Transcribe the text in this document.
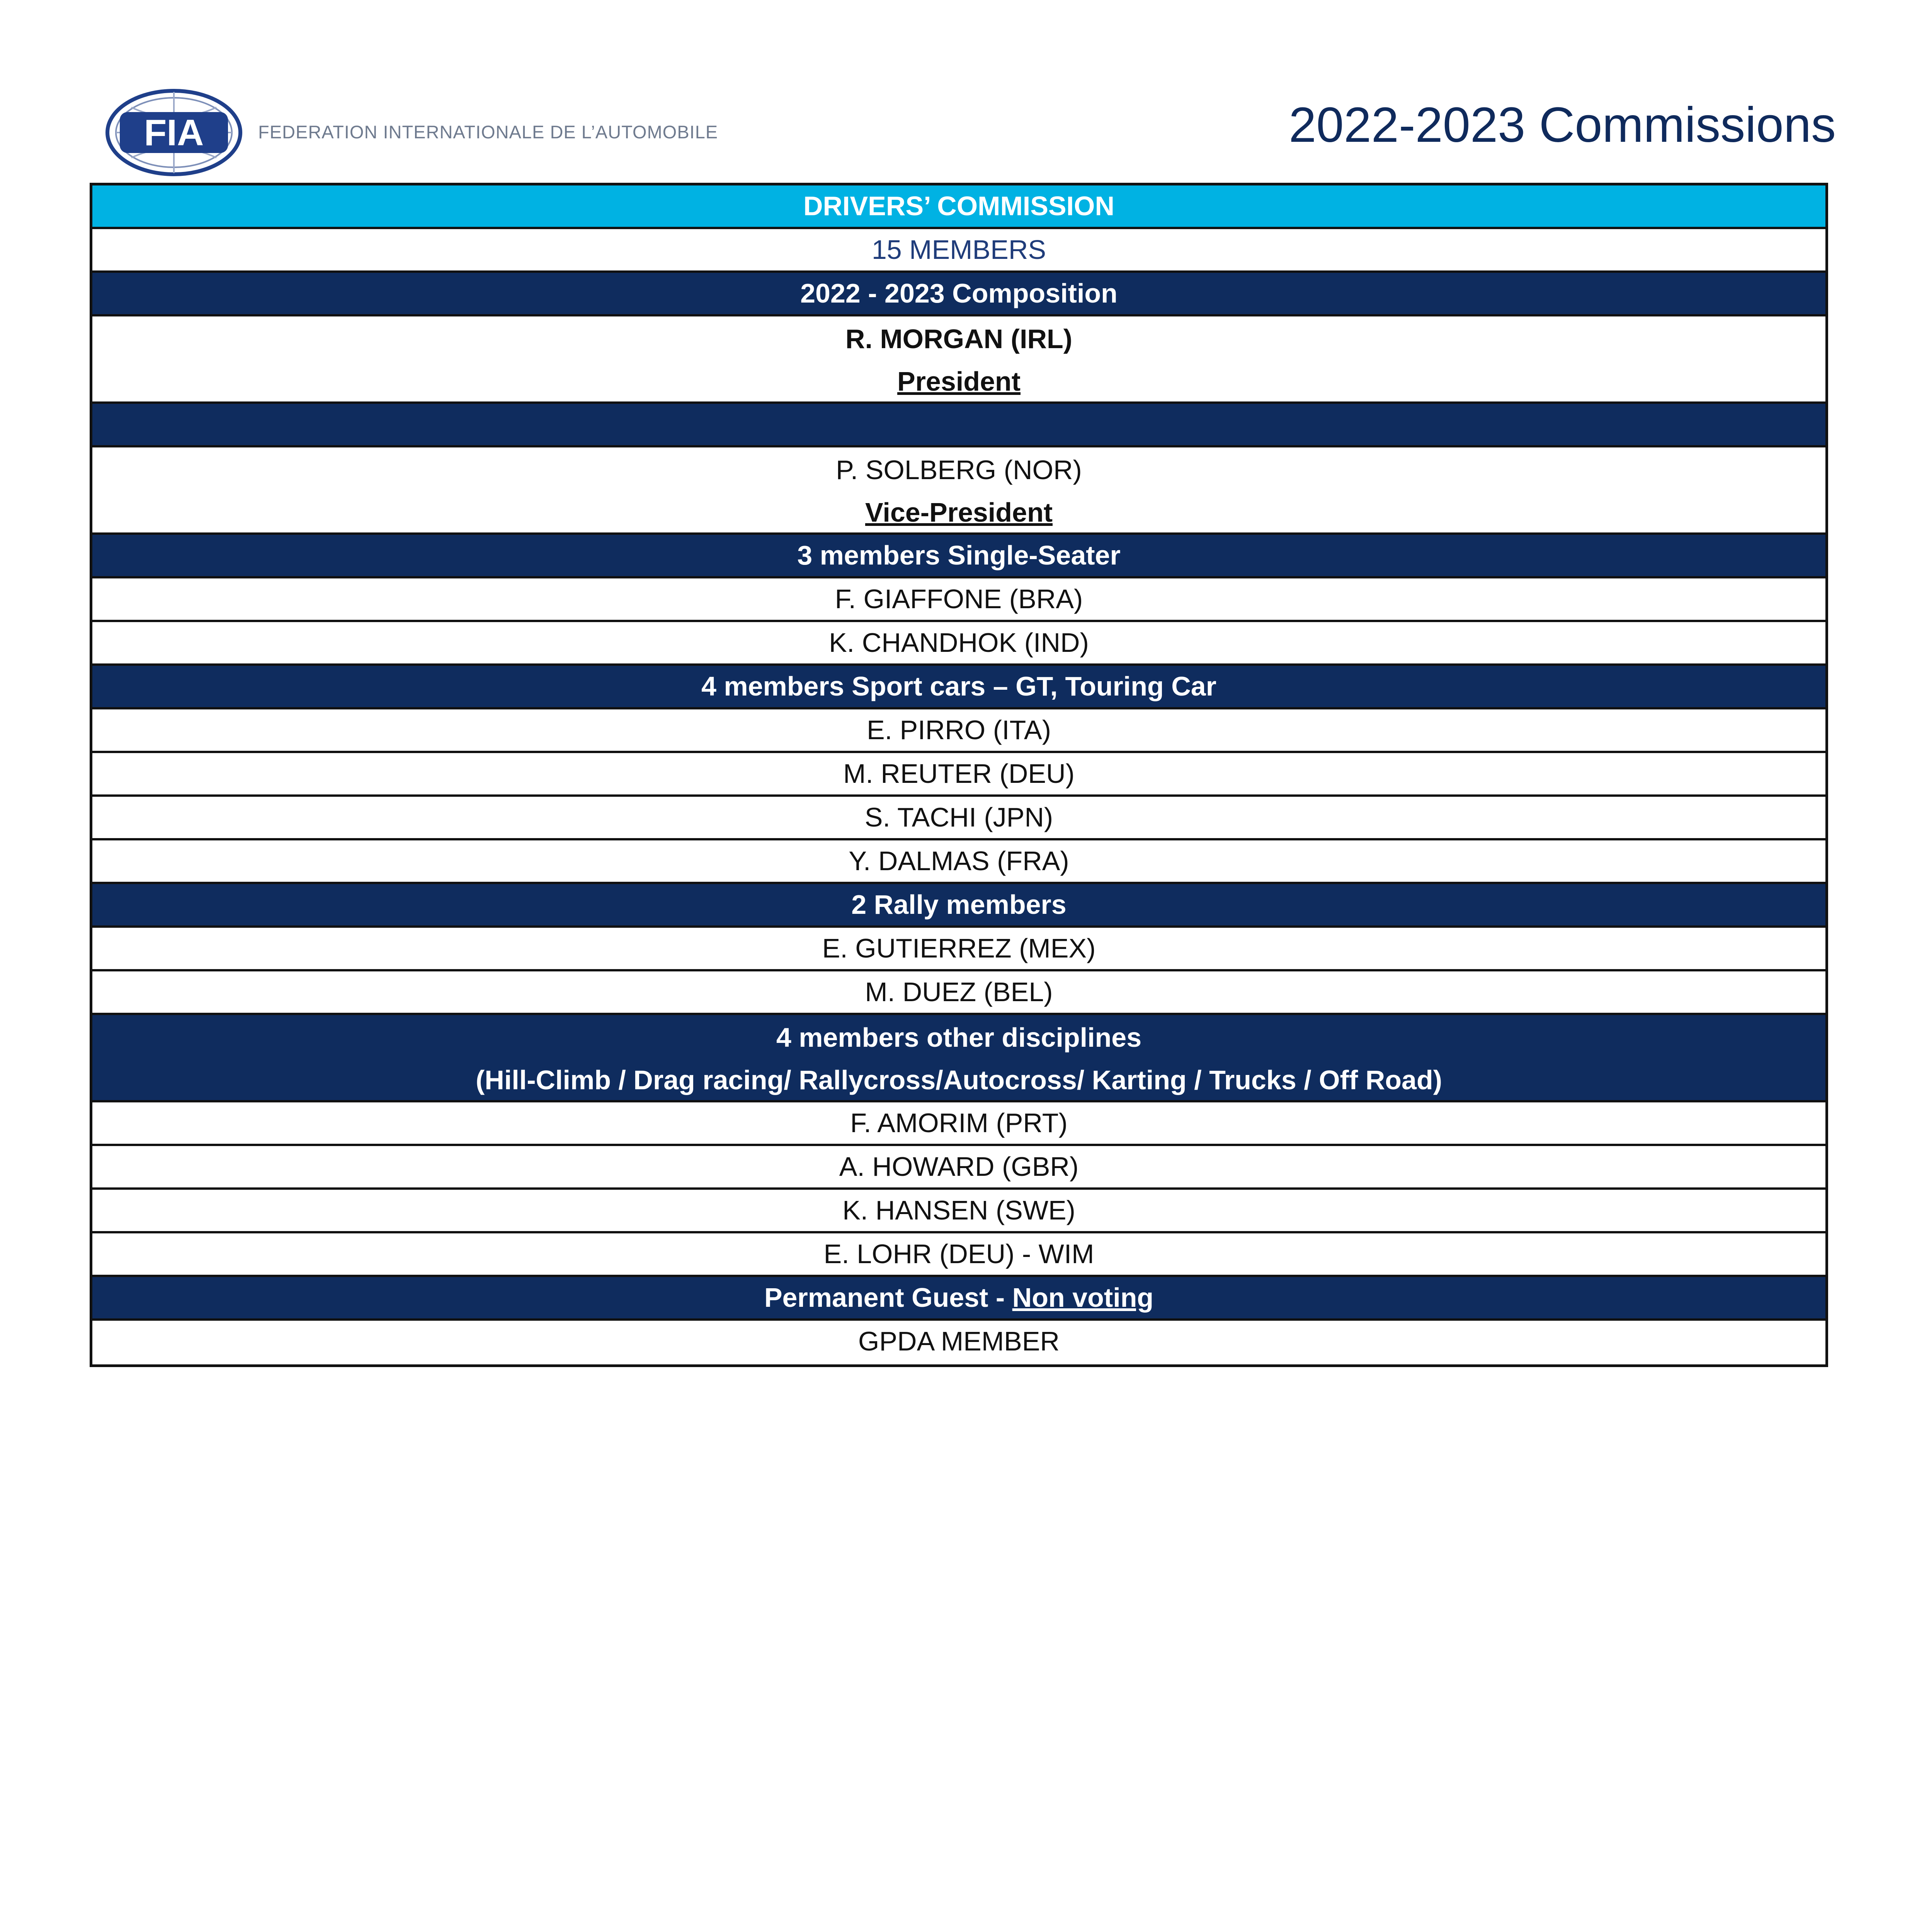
FIA	FEDERATION INTERNATIONALE DE L’AUTOMOBILE	2022-2023 Commissions
DRIVERS’ COMMISSION
15 MEMBERS
2022 - 2023 Composition
R. MORGAN (IRL)
President
P. SOLBERG (NOR)
Vice-President
3 members Single-Seater
F. GIAFFONE (BRA)
K. CHANDHOK (IND)
4 members Sport cars – GT, Touring Car
E. PIRRO (ITA)
M. REUTER (DEU)
S. TACHI (JPN)
Y. DALMAS (FRA)
2 Rally members
E. GUTIERREZ (MEX)
M. DUEZ (BEL)
4 members other disciplines
(Hill-Climb / Drag racing/ Rallycross/Autocross/ Karting / Trucks / Off Road)
F. AMORIM (PRT)
A. HOWARD (GBR)
K. HANSEN (SWE)
E. LOHR (DEU) - WIM
Permanent Guest - Non voting
GPDA MEMBER
